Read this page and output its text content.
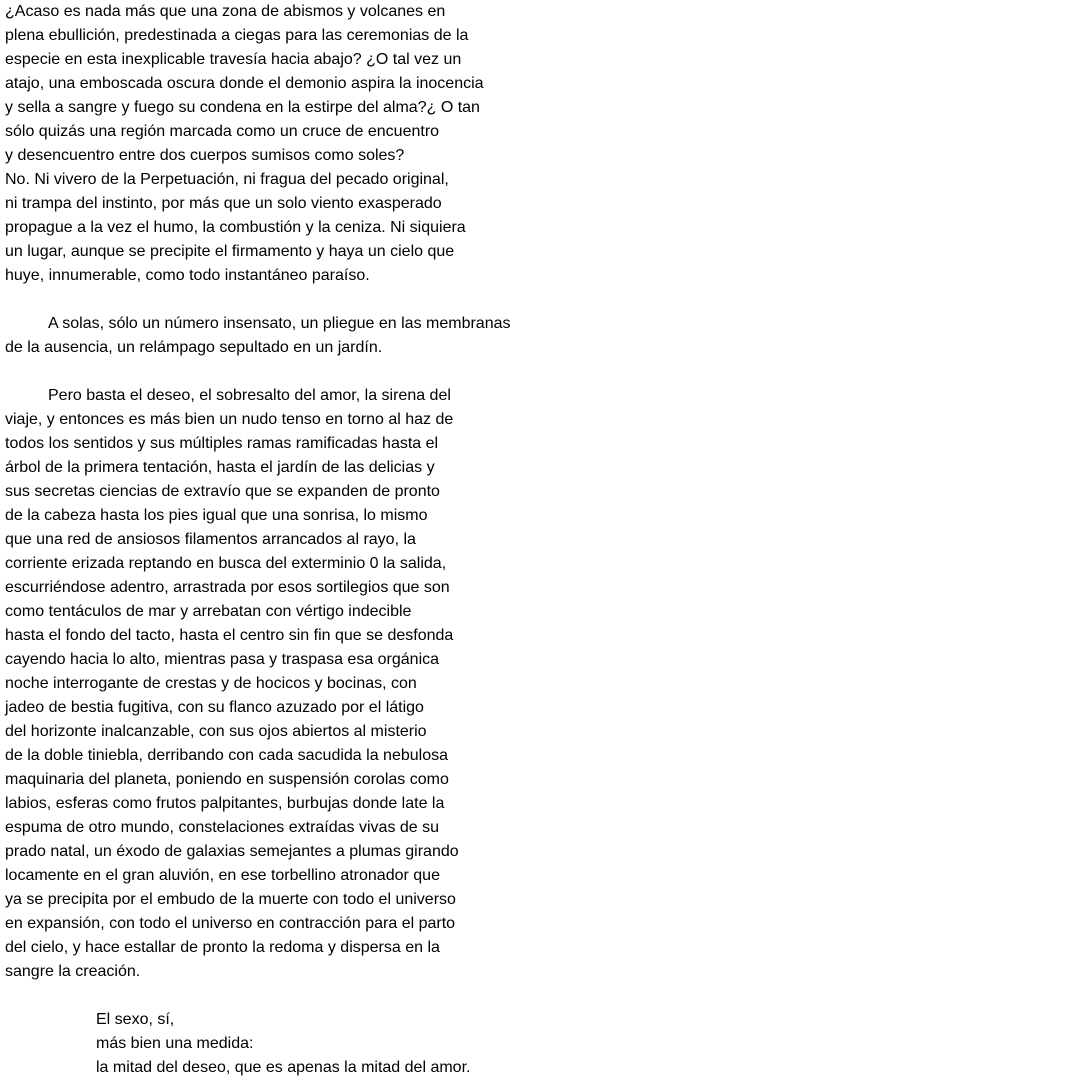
¿Acaso es nada más que una zona de abismos y volcanes en
plena ebullición, predestinada a ciegas para las ceremonias de la
especie en esta inexplicable travesía hacia abajo? ¿O tal vez un
atajo, una emboscada oscura donde el demonio aspira la inocencia
y sella a sangre y fuego su condena en la estirpe del alma?¿ O tan
sólo quizás una región marcada como un cruce de encuentro
y desencuentro entre dos cuerpos sumisos como soles?
No. Ni vivero de la Perpetuación, ni fragua del pecado original,
ni trampa del instinto, por más que un solo viento exasperado
propague a la vez el humo, la combustión y la ceniza. Ni siquiera
un lugar, aunque se precipite el firmamento y haya un cielo que
huye, innumerable, como todo instantáneo paraíso.
A solas, sólo un número insensato, un pliegue en las membranas
de la ausencia, un relámpago sepultado en un jardín.
Pero basta el deseo, el sobresalto del amor, la sirena del
viaje, y entonces es más bien un nudo tenso en torno al haz de
todos los sentidos y sus múltiples ramas ramificadas hasta el
árbol de la primera tentación, hasta el jardín de las delicias y
sus secretas ciencias de extravío que se expanden de pronto
de la cabeza hasta los pies igual que una sonrisa, lo mismo
que una red de ansiosos filamentos arrancados al rayo, la
corriente erizada reptando en busca del exterminio 0 la salida,
escurriéndose adentro, arrastrada por esos sortilegios que son
como tentáculos de mar y arrebatan con vértigo indecible
hasta el fondo del tacto, hasta el centro sin fin que se desfonda
cayendo hacia lo alto, mientras pasa y traspasa esa orgánica
noche interrogante de crestas y de hocicos y bocinas, con
jadeo de bestia fugitiva, con su flanco azuzado por el látigo
del horizonte inalcanzable, con sus ojos abiertos al misterio
de la doble tiniebla, derribando con cada sacudida la nebulosa
maquinaria del planeta, poniendo en suspensión corolas como
labios, esferas como frutos palpitantes, burbujas donde late la
espuma de otro mundo, constelaciones extraídas vivas de su
prado natal, un éxodo de galaxias semejantes a plumas girando
locamente en el gran aluvión, en ese torbellino atronador que
ya se precipita por el embudo de la muerte con todo el universo
en expansión, con todo el universo en contracción para el parto
del cielo, y hace estallar de pronto la redoma y dispersa en la
sangre la creación.
El sexo, sí,
más bien una medida:
la mitad del deseo, que es apenas la mitad del amor.
